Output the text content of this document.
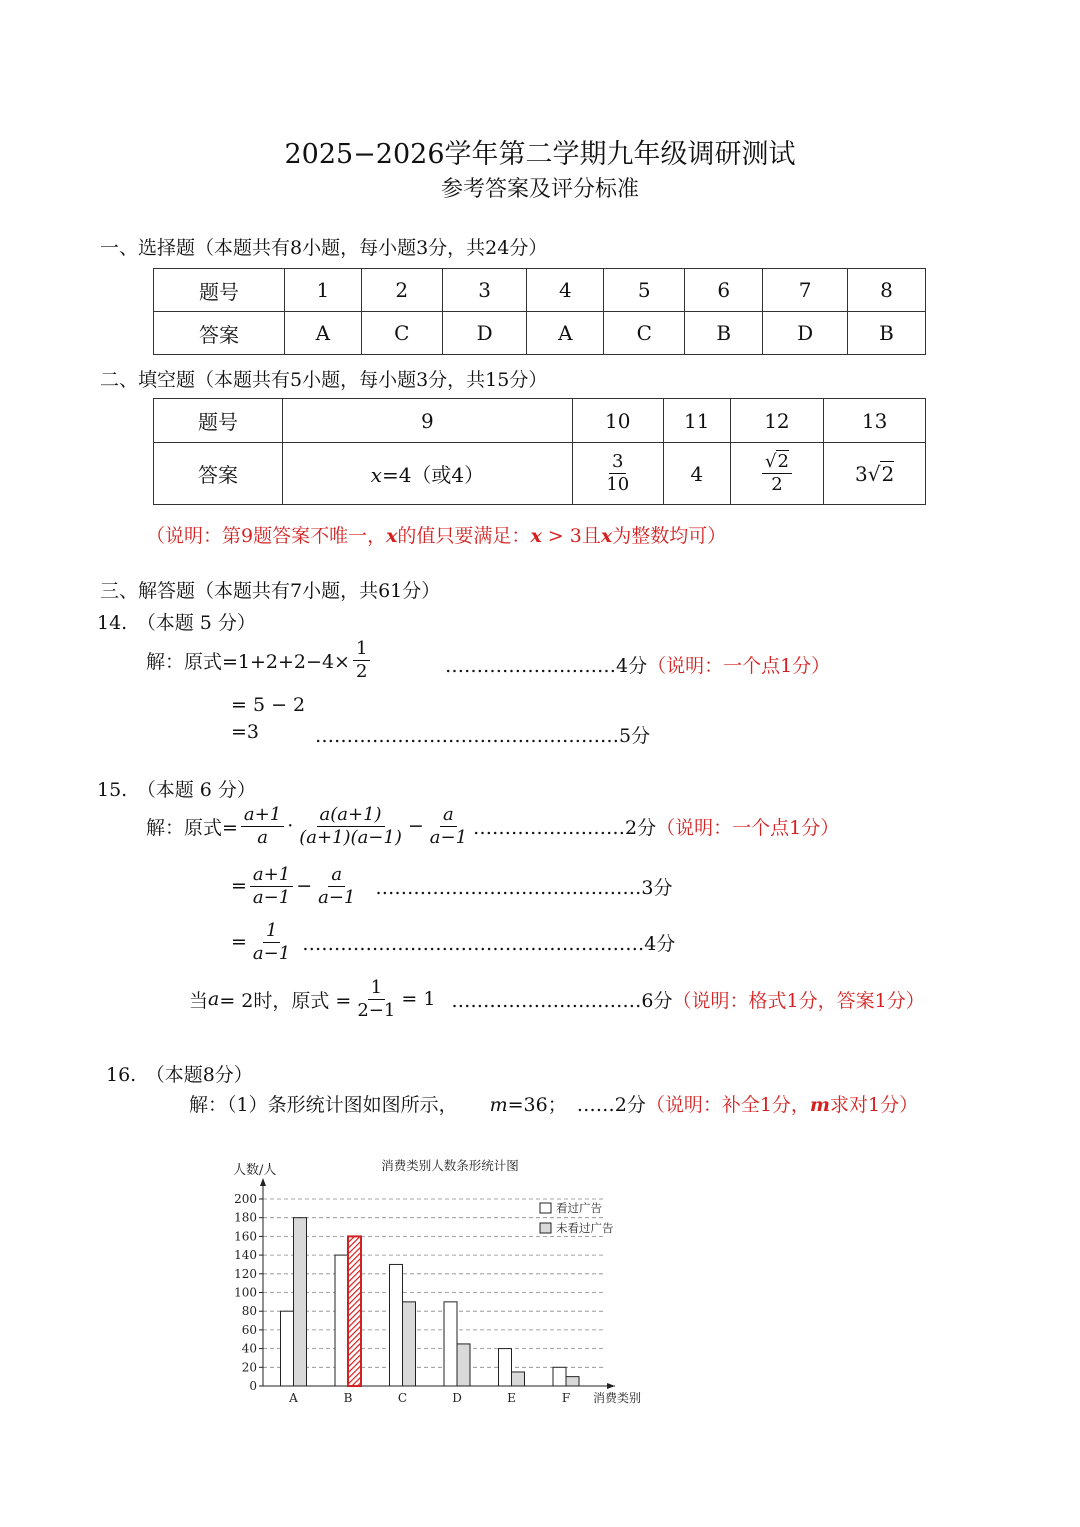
2025−2026学年第二学期九年级调研测试
参考答案及评分标准
一、选择题（本题共有8小题，每小题3分，共24分）
题号	1	2	3	4	5	6	7	8
答案	A	C	D	A	C	B	D	B
二、填空题（本题共有5小题，每小题3分，共15分）
题号	9	10	11	12	13
答案	x=4（或4）	$\frac{3}{10}$	4	$\frac{√2}{2}$	3√2
（说明：第9题答案不唯一，x的值只要满足：x > 3且x为整数均可）
三、解答题（本题共有7小题，共61分）
14.　（本题 5 分）
解：原式$=1+2+2-4\times \frac{1}{2}$	………………………4分（说明：一个点1分）
= 5 − 2
=3	…………………………………………5分
15.　（本题 6 分）
解：原式= $\frac{a+1}{a} \cdot \frac{a(a+1)}{(a+1)(a-1)} - \frac{a}{a-1}$ ……………………2分 （说明：一个点1分）
= $\frac{a+1}{a-1} - \frac{a}{a-1}$ ……………………………………3分
= $\frac{1}{a-1}$ ………………………………………………4分
当 a = 2时，原式 = $\frac{1}{2-1} = 1$ …………………………6分 （说明：格式1分，答案1分）
16.　（本题8分）
解：（1）条形统计图如图所示， m=36； ……2分（说明：补全1分，m求对1分）
0
20
40
60
80
100
120
140
160
180
200
人数/人	消费类别人数条形统计图
消费类别
A	B	C	D	E	F
看过广告
未看过广告
